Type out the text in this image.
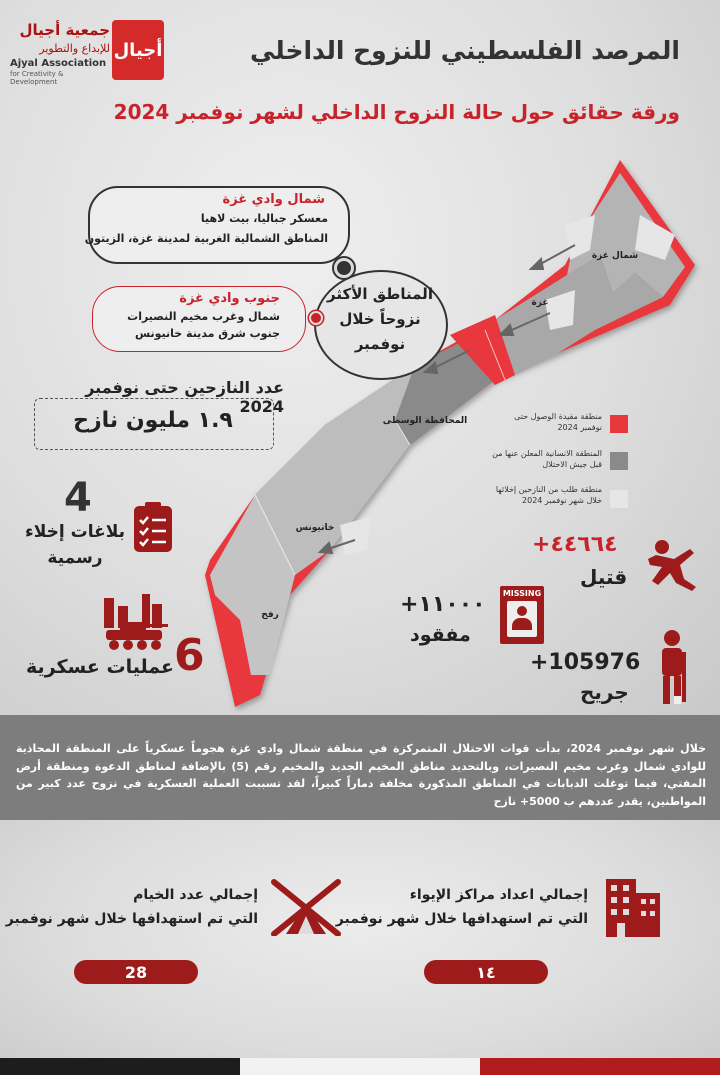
أجيال
جمعية أجيال
للإبداع والتطوير
Ajyal Association
for Creativity & Development
المرصد الفلسطيني للنزوح الداخلي
ورقة حقائق حول حالة النزوح الداخلي لشهر نوفمبر 2024
شمال غزة
غزة
المحافظة الوسطى
خانيونس
رفح
منطقة مقيدة الوصول حتى نوفمبر 2024
المنطقة الانسانية المعلن عنها من قبل جيش الاحتلال
منطقة طلب من النازحين إخلائها خلال شهر نوفمبر 2024
شمال وادي غزة
معسكر جباليا، بيت لاهيا
المناطق الشمالية الغربية لمدينة غزة، الزيتون
جنوب وادي غزة
شمال وغرب مخيم النصيرات
جنوب شرق مدينة خانيونس
المناطق الأكثر
نزوحاً خلال
نوفمبر
عدد النازحين حتى نوفمبر 2024
١.٩ مليون نازح
4
بلاغات إخلاء
رسمية
6
عمليات عسكرية
+٤٤٦٦٤
قتيل
+١١٠٠٠
مفقود
MISSING
+105976
جريح
خلال شهر نوفمبر 2024، بدأت قوات الاحتلال المتمركزة في منطقة شمال وادي غزة هجوماً عسكرياً على المنطقة المحاذية للوادي شمال وغرب مخيم النصيرات، وبالتحديد مناطق المخيم الجديد والمخيم رقم (5) بالإضافة لمناطق الدعوة ومنطقة أرض المفتي، فيما توغلت الدبابات في المناطق المذكورة مخلفة دماراً كبيراً، لقد تسببت العملية العسكرية في نزوح عدد كبير من المواطنين، يقدر عددهم ب 5000+ نازح
إجمالي اعداد مراكز الإيواء
التي تم استهدافها خلال شهر نوفمبر
١٤
إجمالي عدد الخيام
التي تم استهدافها خلال شهر نوفمبر
28
